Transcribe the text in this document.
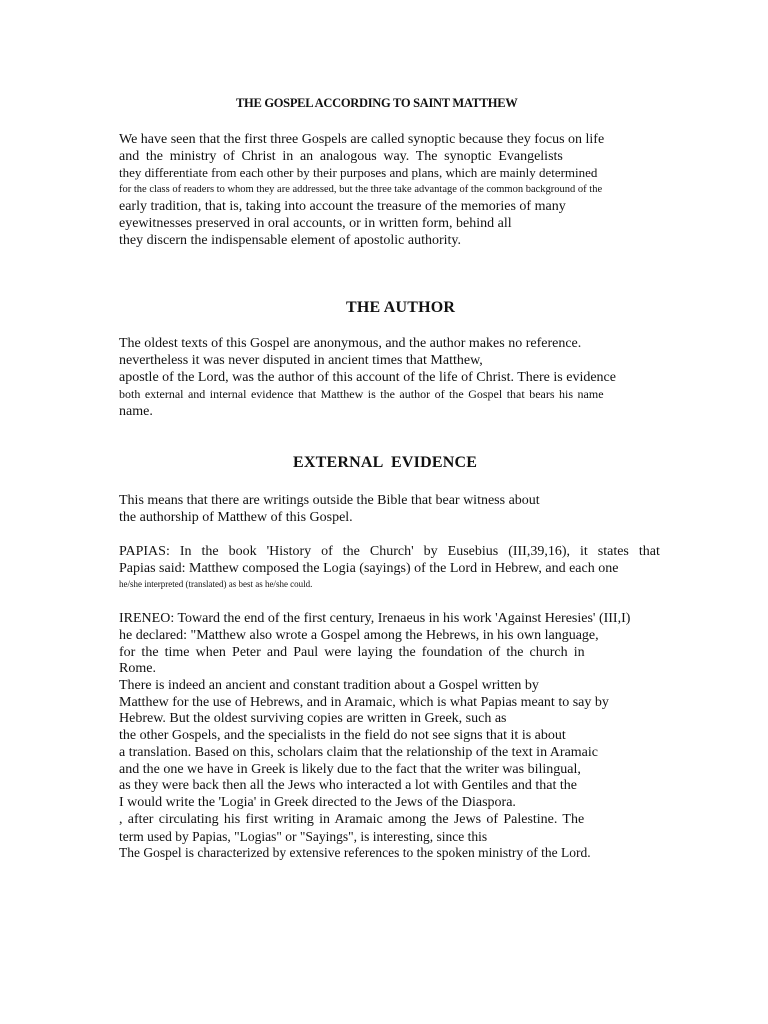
THE GOSPEL ACCORDING TO SAINT MATTHEW
We have seen that the first three Gospels are called synoptic because they focus on life
and the ministry of Christ in an analogous way. The synoptic Evangelists
they differentiate from each other by their purposes and plans, which are mainly determined
for the class of readers to whom they are addressed, but the three take advantage of the common background of the
early tradition, that is, taking into account the treasure of the memories of many
eyewitnesses preserved in oral accounts, or in written form, behind all
they discern the indispensable element of apostolic authority.
THE AUTHOR
The oldest texts of this Gospel are anonymous, and the author makes no reference.
nevertheless it was never disputed in ancient times that Matthew,
apostle of the Lord, was the author of this account of the life of Christ. There is evidence
both external and internal evidence that Matthew is the author of the Gospel that bears his name
name.
EXTERNAL  EVIDENCE
This means that there are writings outside the Bible that bear witness about
the authorship of Matthew of this Gospel.
PAPIAS: In the book 'History of the Church' by Eusebius (III,39,16), it states that
Papias said: Matthew composed the Logia (sayings) of the Lord in Hebrew, and each one
he/she interpreted (translated) as best as he/she could.
IRENEO: Toward the end of the first century, Irenaeus in his work 'Against Heresies' (III,I)
he declared: "Matthew also wrote a Gospel among the Hebrews, in his own language,
for the time when Peter and Paul were laying the foundation of the church in
Rome.
There is indeed an ancient and constant tradition about a Gospel written by
Matthew for the use of Hebrews, and in Aramaic, which is what Papias meant to say by
Hebrew. But the oldest surviving copies are written in Greek, such as
the other Gospels, and the specialists in the field do not see signs that it is about
a translation. Based on this, scholars claim that the relationship of the text in Aramaic
and the one we have in Greek is likely due to the fact that the writer was bilingual,
as they were back then all the Jews who interacted a lot with Gentiles and that the
I would write the 'Logia' in Greek directed to the Jews of the Diaspora.
, after circulating his first writing in Aramaic among the Jews of Palestine. The
term used by Papias, "Logias" or "Sayings", is interesting, since this
The Gospel is characterized by extensive references to the spoken ministry of the Lord.
